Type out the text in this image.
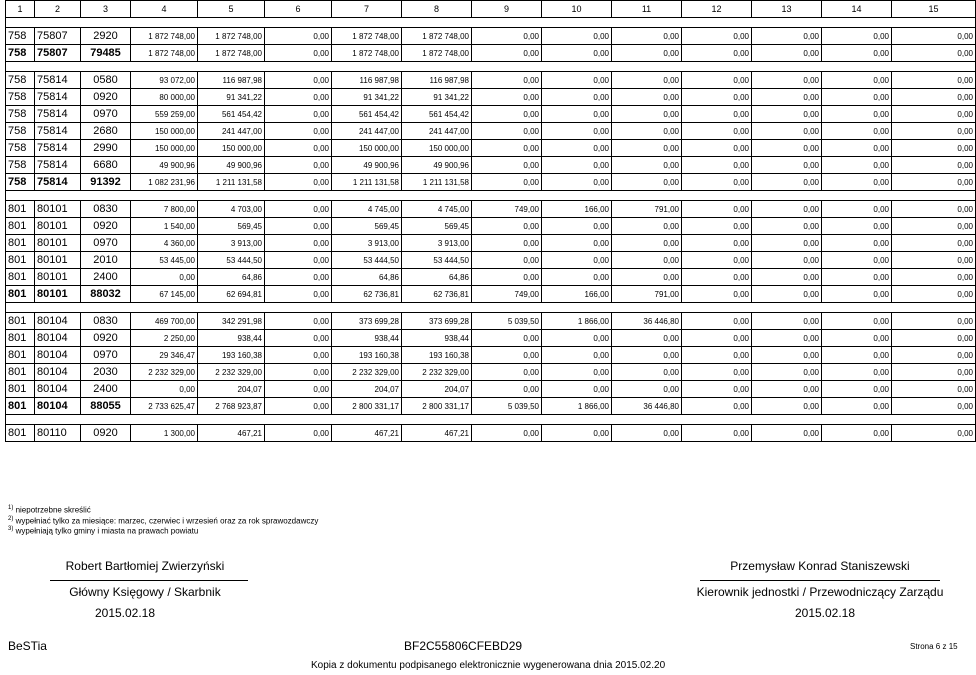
1	2	3	4	5	6	7	8	9	10	11	12	13	14	15

758	75807	2920	1 872 748,00	1 872 748,00	0,00	1 872 748,00	1 872 748,00	0,00	0,00	0,00	0,00	0,00	0,00	0,00
758	75807	79485	1 872 748,00	1 872 748,00	0,00	1 872 748,00	1 872 748,00	0,00	0,00	0,00	0,00	0,00	0,00	0,00

758	75814	0580	93 072,00	116 987,98	0,00	116 987,98	116 987,98	0,00	0,00	0,00	0,00	0,00	0,00	0,00
758	75814	0920	80 000,00	91 341,22	0,00	91 341,22	91 341,22	0,00	0,00	0,00	0,00	0,00	0,00	0,00
758	75814	0970	559 259,00	561 454,42	0,00	561 454,42	561 454,42	0,00	0,00	0,00	0,00	0,00	0,00	0,00
758	75814	2680	150 000,00	241 447,00	0,00	241 447,00	241 447,00	0,00	0,00	0,00	0,00	0,00	0,00	0,00
758	75814	2990	150 000,00	150 000,00	0,00	150 000,00	150 000,00	0,00	0,00	0,00	0,00	0,00	0,00	0,00
758	75814	6680	49 900,96	49 900,96	0,00	49 900,96	49 900,96	0,00	0,00	0,00	0,00	0,00	0,00	0,00
758	75814	91392	1 082 231,96	1 211 131,58	0,00	1 211 131,58	1 211 131,58	0,00	0,00	0,00	0,00	0,00	0,00	0,00

801	80101	0830	7 800,00	4 703,00	0,00	4 745,00	4 745,00	749,00	166,00	791,00	0,00	0,00	0,00	0,00
801	80101	0920	1 540,00	569,45	0,00	569,45	569,45	0,00	0,00	0,00	0,00	0,00	0,00	0,00
801	80101	0970	4 360,00	3 913,00	0,00	3 913,00	3 913,00	0,00	0,00	0,00	0,00	0,00	0,00	0,00
801	80101	2010	53 445,00	53 444,50	0,00	53 444,50	53 444,50	0,00	0,00	0,00	0,00	0,00	0,00	0,00
801	80101	2400	0,00	64,86	0,00	64,86	64,86	0,00	0,00	0,00	0,00	0,00	0,00	0,00
801	80101	88032	67 145,00	62 694,81	0,00	62 736,81	62 736,81	749,00	166,00	791,00	0,00	0,00	0,00	0,00

801	80104	0830	469 700,00	342 291,98	0,00	373 699,28	373 699,28	5 039,50	1 866,00	36 446,80	0,00	0,00	0,00	0,00
801	80104	0920	2 250,00	938,44	0,00	938,44	938,44	0,00	0,00	0,00	0,00	0,00	0,00	0,00
801	80104	0970	29 346,47	193 160,38	0,00	193 160,38	193 160,38	0,00	0,00	0,00	0,00	0,00	0,00	0,00
801	80104	2030	2 232 329,00	2 232 329,00	0,00	2 232 329,00	2 232 329,00	0,00	0,00	0,00	0,00	0,00	0,00	0,00
801	80104	2400	0,00	204,07	0,00	204,07	204,07	0,00	0,00	0,00	0,00	0,00	0,00	0,00
801	80104	88055	2 733 625,47	2 768 923,87	0,00	2 800 331,17	2 800 331,17	5 039,50	1 866,00	36 446,80	0,00	0,00	0,00	0,00

801	80110	0920	1 300,00	467,21	0,00	467,21	467,21	0,00	0,00	0,00	0,00	0,00	0,00	0,00
$^{1)}$ niepotrzebne skreślić
$^{2)}$ wypełniać tylko za miesiące: marzec, czerwiec i wrzesień oraz za rok sprawozdawczy
$^{3)}$ wypełniają tylko gminy i miasta na prawach powiatu
Robert Bartłomiej Zwierzyński
Główny Księgowy / Skarbnik
2015.02.18
Przemysław Konrad Staniszewski
Kierownik jednostki / Przewodniczący Zarządu
2015.02.18
BeSTia	BF2C55806CFEBD29	Strona 6 z 15
Kopia z dokumentu podpisanego elektronicznie wygenerowana dnia 2015.02.20
